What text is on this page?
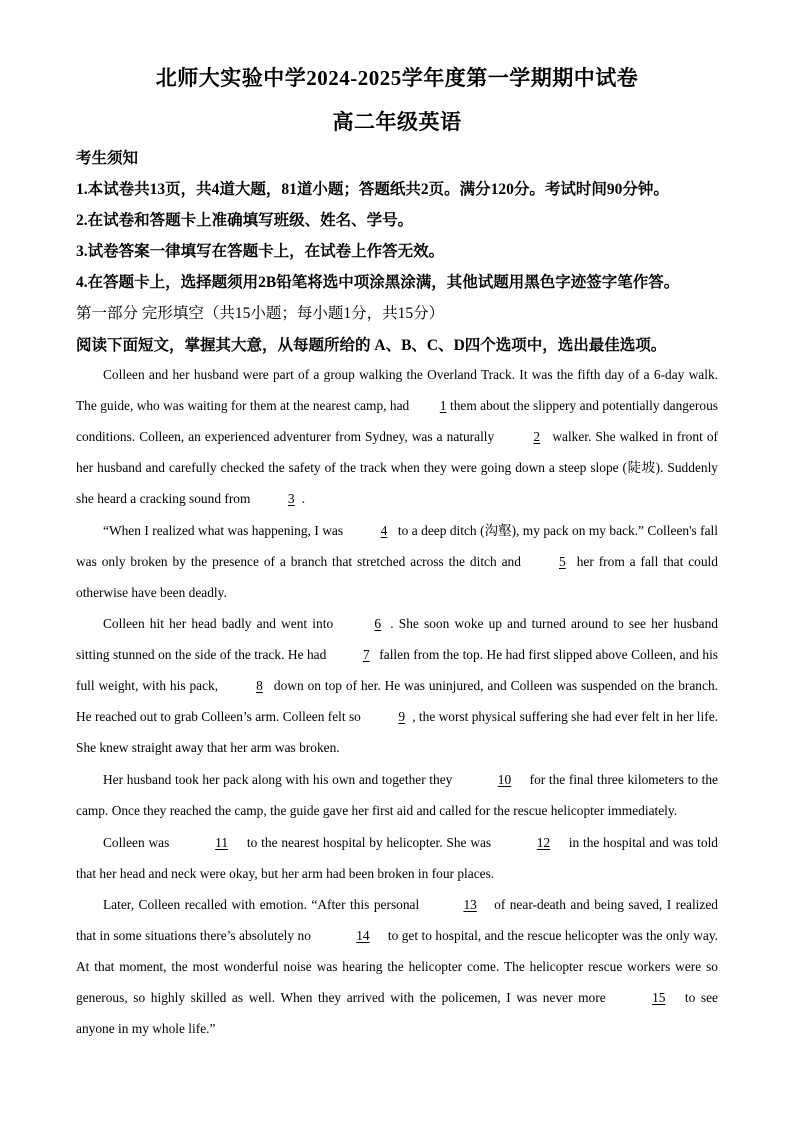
北师大实验中学2024-2025学年度第一学期期中试卷
高二年级英语
考生须知
1.本试卷共13页，共4道大题，81道小题；答题纸共2页。满分120分。考试时间90分钟。
2.在试卷和答题卡上准确填写班级、姓名、学号。
3.试卷答案一律填写在答题卡上，在试卷上作答无效。
4.在答题卡上，选择题须用2B铅笔将选中项涂黑涂满，其他试题用黑色字迹签字笔作答。
第一部分 完形填空（共15小题；每小题1分，共15分）
阅读下面短文，掌握其大意，从每题所给的 A、B、C、D四个选项中，选出最佳选项。
Colleen and her husband were part of a group walking the Overland Track. It was the fifth day of a 6-day walk. The guide, who was waiting for them at the nearest camp, had 1 them about the slippery and potentially dangerous conditions. Colleen, an experienced adventurer from Sydney, was a naturally	2 walker. She walked in front of her husband and carefully checked the safety of the track when they were going down a steep slope (陡坡). Suddenly she heard a cracking sound from	3 .
“When I realized what was happening, I was	4 to a deep ditch (沟壑), my pack on my back.” Colleen's fall was only broken by the presence of a branch that stretched across the ditch and 5 her from a fall that could otherwise have been deadly.
Colleen hit her head badly and went into	6 . She soon woke up and turned around to see her husband sitting stunned on the side of the track. He had 7 fallen from the top. He had first slipped above Colleen, and his full weight, with his pack,	8 down on top of her. He was uninjured, and Colleen was suspended on the branch. He reached out to grab Colleen’s arm. Colleen felt so	9 , the worst physical suffering she had ever felt in her life. She knew straight away that her arm was broken.
Her husband took her pack along with his own and together they	10 for the final three kilometers to the camp. Once they reached the camp, the guide gave her first aid and called for the rescue helicopter immediately.
Colleen was	11 to the nearest hospital by helicopter. She was	12 in the hospital and was told that her head and neck were okay, but her arm had been broken in four places.
Later, Colleen recalled with emotion. “After this personal	13 of near-death and being saved, I realized that in some situations there’s absolutely no	14 to get to hospital, and the rescue helicopter was the only way. At that moment, the most wonderful noise was hearing the helicopter come. The helicopter rescue workers were so generous, so highly skilled as well. When they arrived with the policemen, I was never more	15 to see anyone in my whole life.”
